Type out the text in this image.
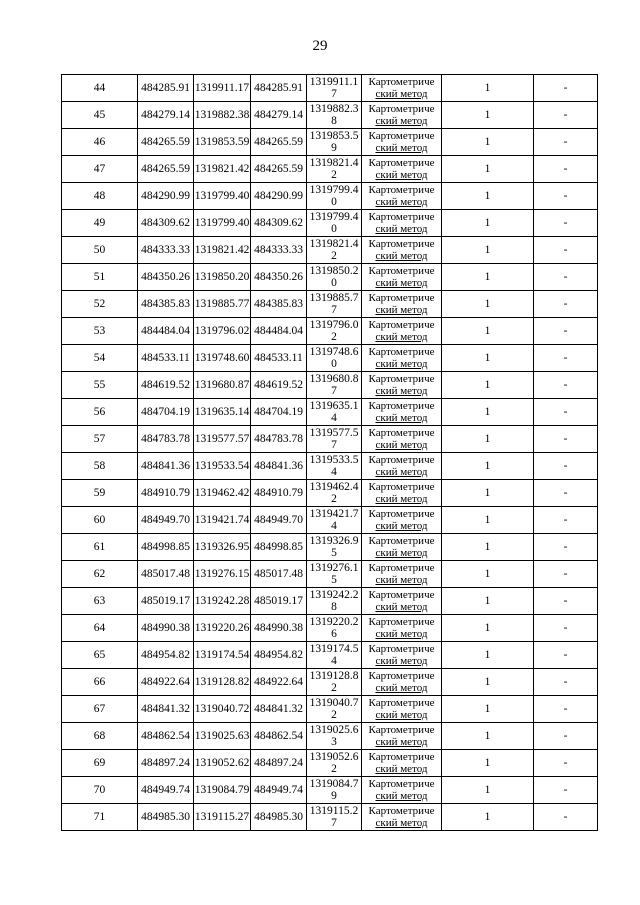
29
44	484285.91	1319911.17	484285.91	1319911.17	Картометриче
ский метод	1	-
45	484279.14	1319882.38	484279.14	1319882.38	Картометриче
ский метод	1	-
46	484265.59	1319853.59	484265.59	1319853.59	Картометриче
ский метод	1	-
47	484265.59	1319821.42	484265.59	1319821.42	Картометриче
ский метод	1	-
48	484290.99	1319799.40	484290.99	1319799.40	Картометриче
ский метод	1	-
49	484309.62	1319799.40	484309.62	1319799.40	Картометриче
ский метод	1	-
50	484333.33	1319821.42	484333.33	1319821.42	Картометриче
ский метод	1	-
51	484350.26	1319850.20	484350.26	1319850.20	Картометриче
ский метод	1	-
52	484385.83	1319885.77	484385.83	1319885.77	Картометриче
ский метод	1	-
53	484484.04	1319796.02	484484.04	1319796.02	Картометриче
ский метод	1	-
54	484533.11	1319748.60	484533.11	1319748.60	Картометриче
ский метод	1	-
55	484619.52	1319680.87	484619.52	1319680.87	Картометриче
ский метод	1	-
56	484704.19	1319635.14	484704.19	1319635.14	Картометриче
ский метод	1	-
57	484783.78	1319577.57	484783.78	1319577.57	Картометриче
ский метод	1	-
58	484841.36	1319533.54	484841.36	1319533.54	Картометриче
ский метод	1	-
59	484910.79	1319462.42	484910.79	1319462.42	Картометриче
ский метод	1	-
60	484949.70	1319421.74	484949.70	1319421.74	Картометриче
ский метод	1	-
61	484998.85	1319326.95	484998.85	1319326.95	Картометриче
ский метод	1	-
62	485017.48	1319276.15	485017.48	1319276.15	Картометриче
ский метод	1	-
63	485019.17	1319242.28	485019.17	1319242.28	Картометриче
ский метод	1	-
64	484990.38	1319220.26	484990.38	1319220.26	Картометриче
ский метод	1	-
65	484954.82	1319174.54	484954.82	1319174.54	Картометриче
ский метод	1	-
66	484922.64	1319128.82	484922.64	1319128.82	Картометриче
ский метод	1	-
67	484841.32	1319040.72	484841.32	1319040.72	Картометриче
ский метод	1	-
68	484862.54	1319025.63	484862.54	1319025.63	Картометриче
ский метод	1	-
69	484897.24	1319052.62	484897.24	1319052.62	Картометриче
ский метод	1	-
70	484949.74	1319084.79	484949.74	1319084.79	Картометриче
ский метод	1	-
71	484985.30	1319115.27	484985.30	1319115.27	Картометриче
ский метод	1	-
